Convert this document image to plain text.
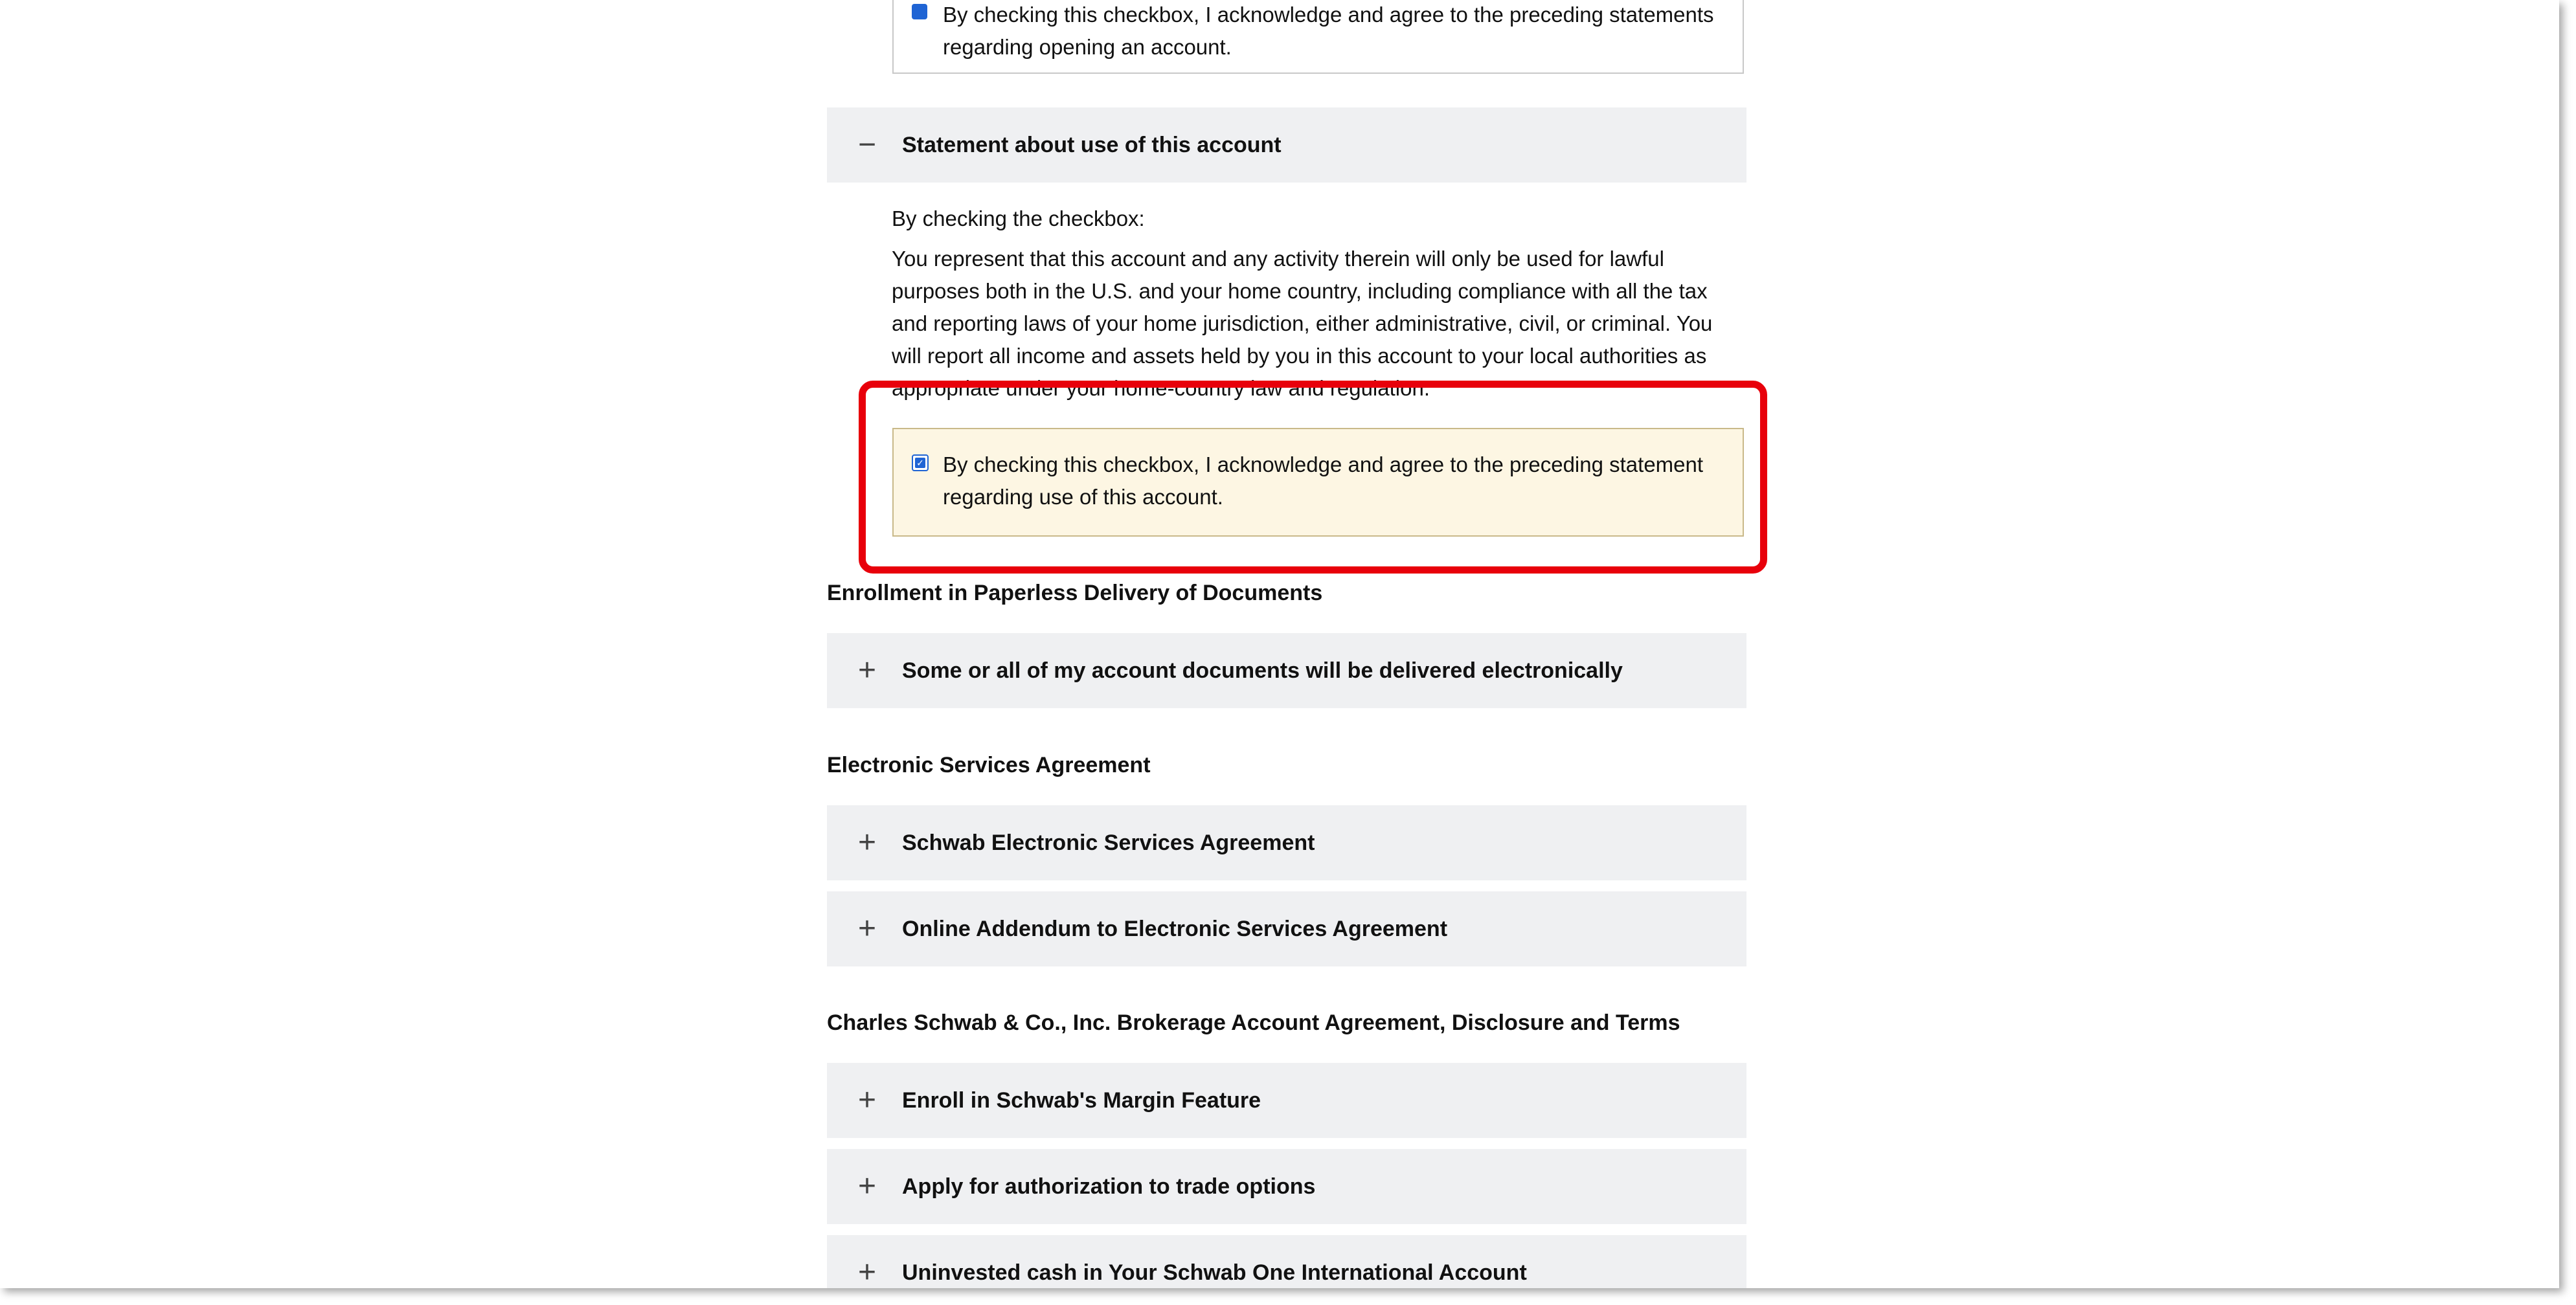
By checking this checkbox, I acknowledge and agree to the preceding statements regarding opening an account.
− Statement about use of this account
By checking the checkbox:
You represent that this account and any activity therein will only be used for lawful purposes both in the U.S. and your home country, including compliance with all the tax and reporting laws of your home jurisdiction, either administrative, civil, or criminal. You will report all income and assets held by you in this account to your local authorities as appropriate under your home-country law and regulation.
✓ By checking this checkbox, I acknowledge and agree to the preceding statement regarding use of this account.
Enrollment in Paperless Delivery of Documents
+ Some or all of my account documents will be delivered electronically
Electronic Services Agreement
+ Schwab Electronic Services Agreement
+ Online Addendum to Electronic Services Agreement
Charles Schwab & Co., Inc. Brokerage Account Agreement, Disclosure and Terms
+ Enroll in Schwab's Margin Feature
+ Apply for authorization to trade options
+ Uninvested cash in Your Schwab One International Account
